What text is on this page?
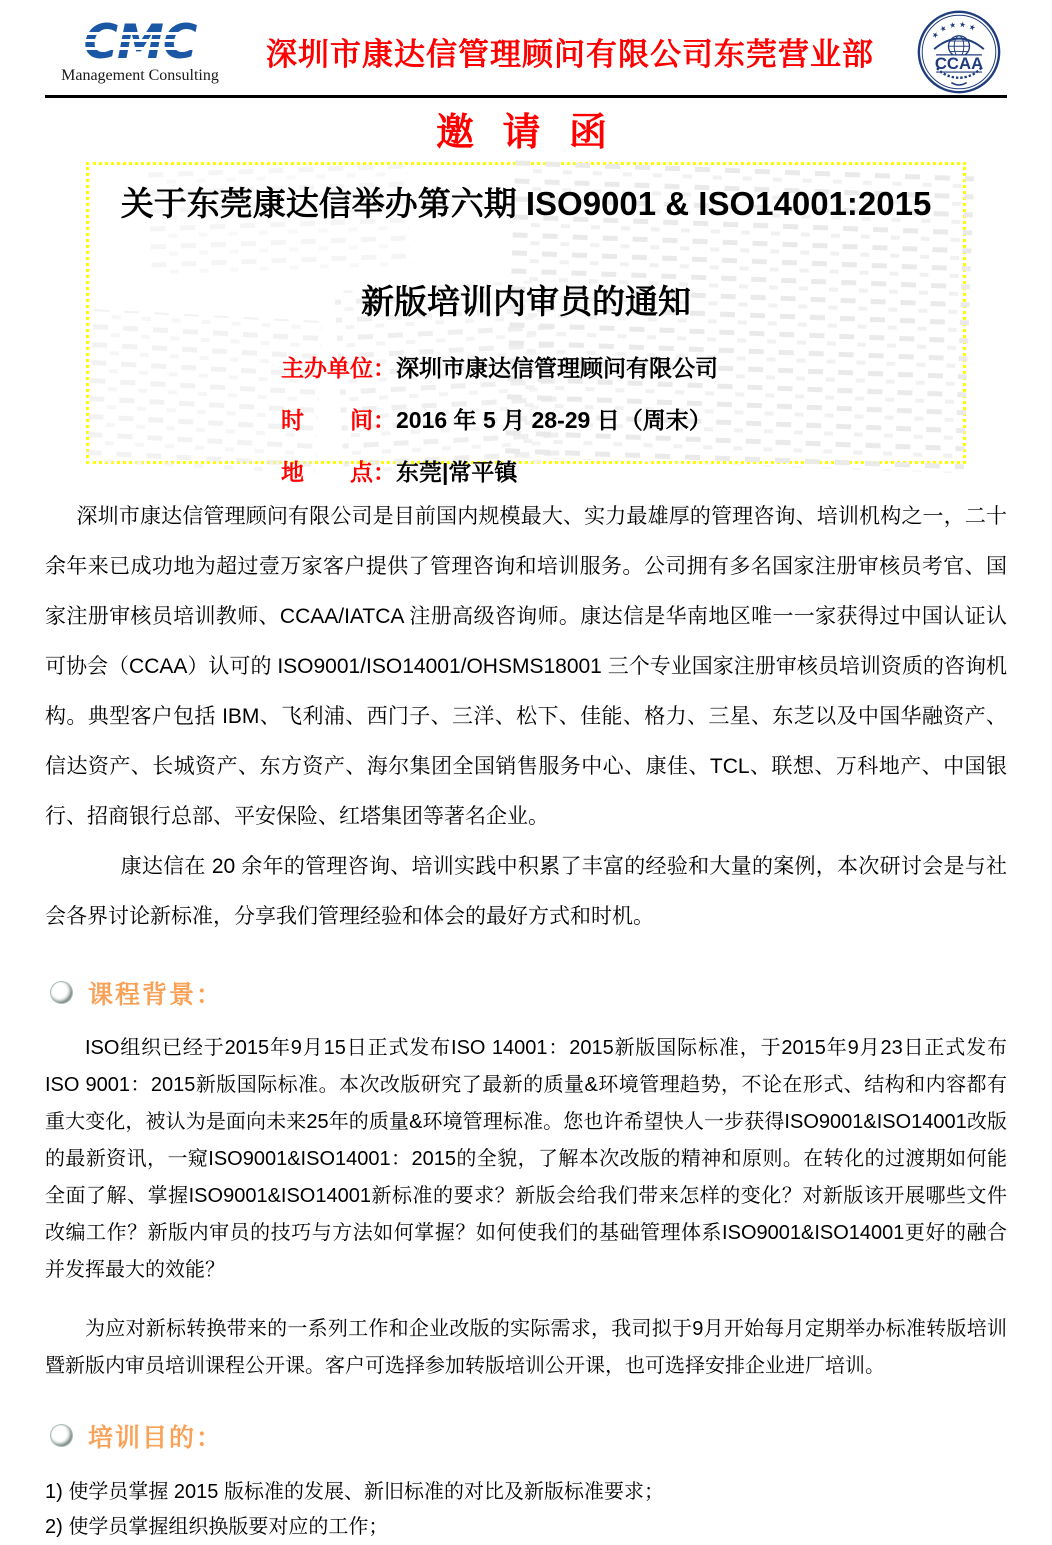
Management Consulting
深圳市康达信管理顾问有限公司东莞营业部
★ ★ ★ ★ ★
CCAA
邀 请 函
关于东莞康达信举办第六期 ISO9001 & ISO14001:2015
新版培训内审员的通知
主办单位： 深圳市康达信管理顾问有限公司
时　　间： 2016 年 5 月 28-29 日（周末）
地　　点： 东莞|常平镇

深圳市康达信管理顾问有限公司是目前国内规模最大、实力最雄厚的管理咨询、培训机构之一，二十余年来已成功地为超过壹万家客户提供了管理咨询和培训服务。公司拥有多名国家注册审核员考官、国家注册审核员培训教师、CCAA/IATCA 注册高级咨询师。康达信是华南地区唯一一家获得过中国认证认可协会（CCAA）认可的 ISO9001/ISO14001/OHSMS18001 三个专业国家注册审核员培训资质的咨询机构。典型客户包括 IBM、飞利浦、西门子、三洋、松下、佳能、格力、三星、东芝以及中国华融资产、信达资产、长城资产、东方资产、海尔集团全国销售服务中心、康佳、TCL、联想、万科地产、中国银行、招商银行总部、平安保险、红塔集团等著名企业。

康达信在 20 余年的管理咨询、培训实践中积累了丰富的经验和大量的案例，本次研讨会是与社会各界讨论新标准，分享我们管理经验和体会的最好方式和时机。

课程背景：

ISO组织已经于2015年9月15日正式发布ISO 14001：2015新版国际标准，于2015年9月23日正式发布ISO 9001：2015新版国际标准。本次改版研究了最新的质量&环境管理趋势，不论在形式、结构和内容都有重大变化，被认为是面向未来25年的质量&环境管理标准。您也许希望快人一步获得ISO9001&ISO14001改版的最新资讯，一窥ISO9001&ISO14001：2015的全貌，了解本次改版的精神和原则。在转化的过渡期如何能全面了解、掌握ISO9001&ISO14001新标准的要求？新版会给我们带来怎样的变化？对新版该开展哪些文件改编工作？新版内审员的技巧与方法如何掌握？如何使我们的基础管理体系ISO9001&ISO14001更好的融合并发挥最大的效能？

为应对新标转换带来的一系列工作和企业改版的实际需求，我司拟于9月开始每月定期举办标准转版培训暨新版内审员培训课程公开课。客户可选择参加转版培训公开课，也可选择安排企业进厂培训。

培训目的：
1) 使学员掌握 2015 版标准的发展、新旧标准的对比及新版标准要求；
2) 使学员掌握组织换版要对应的工作；
